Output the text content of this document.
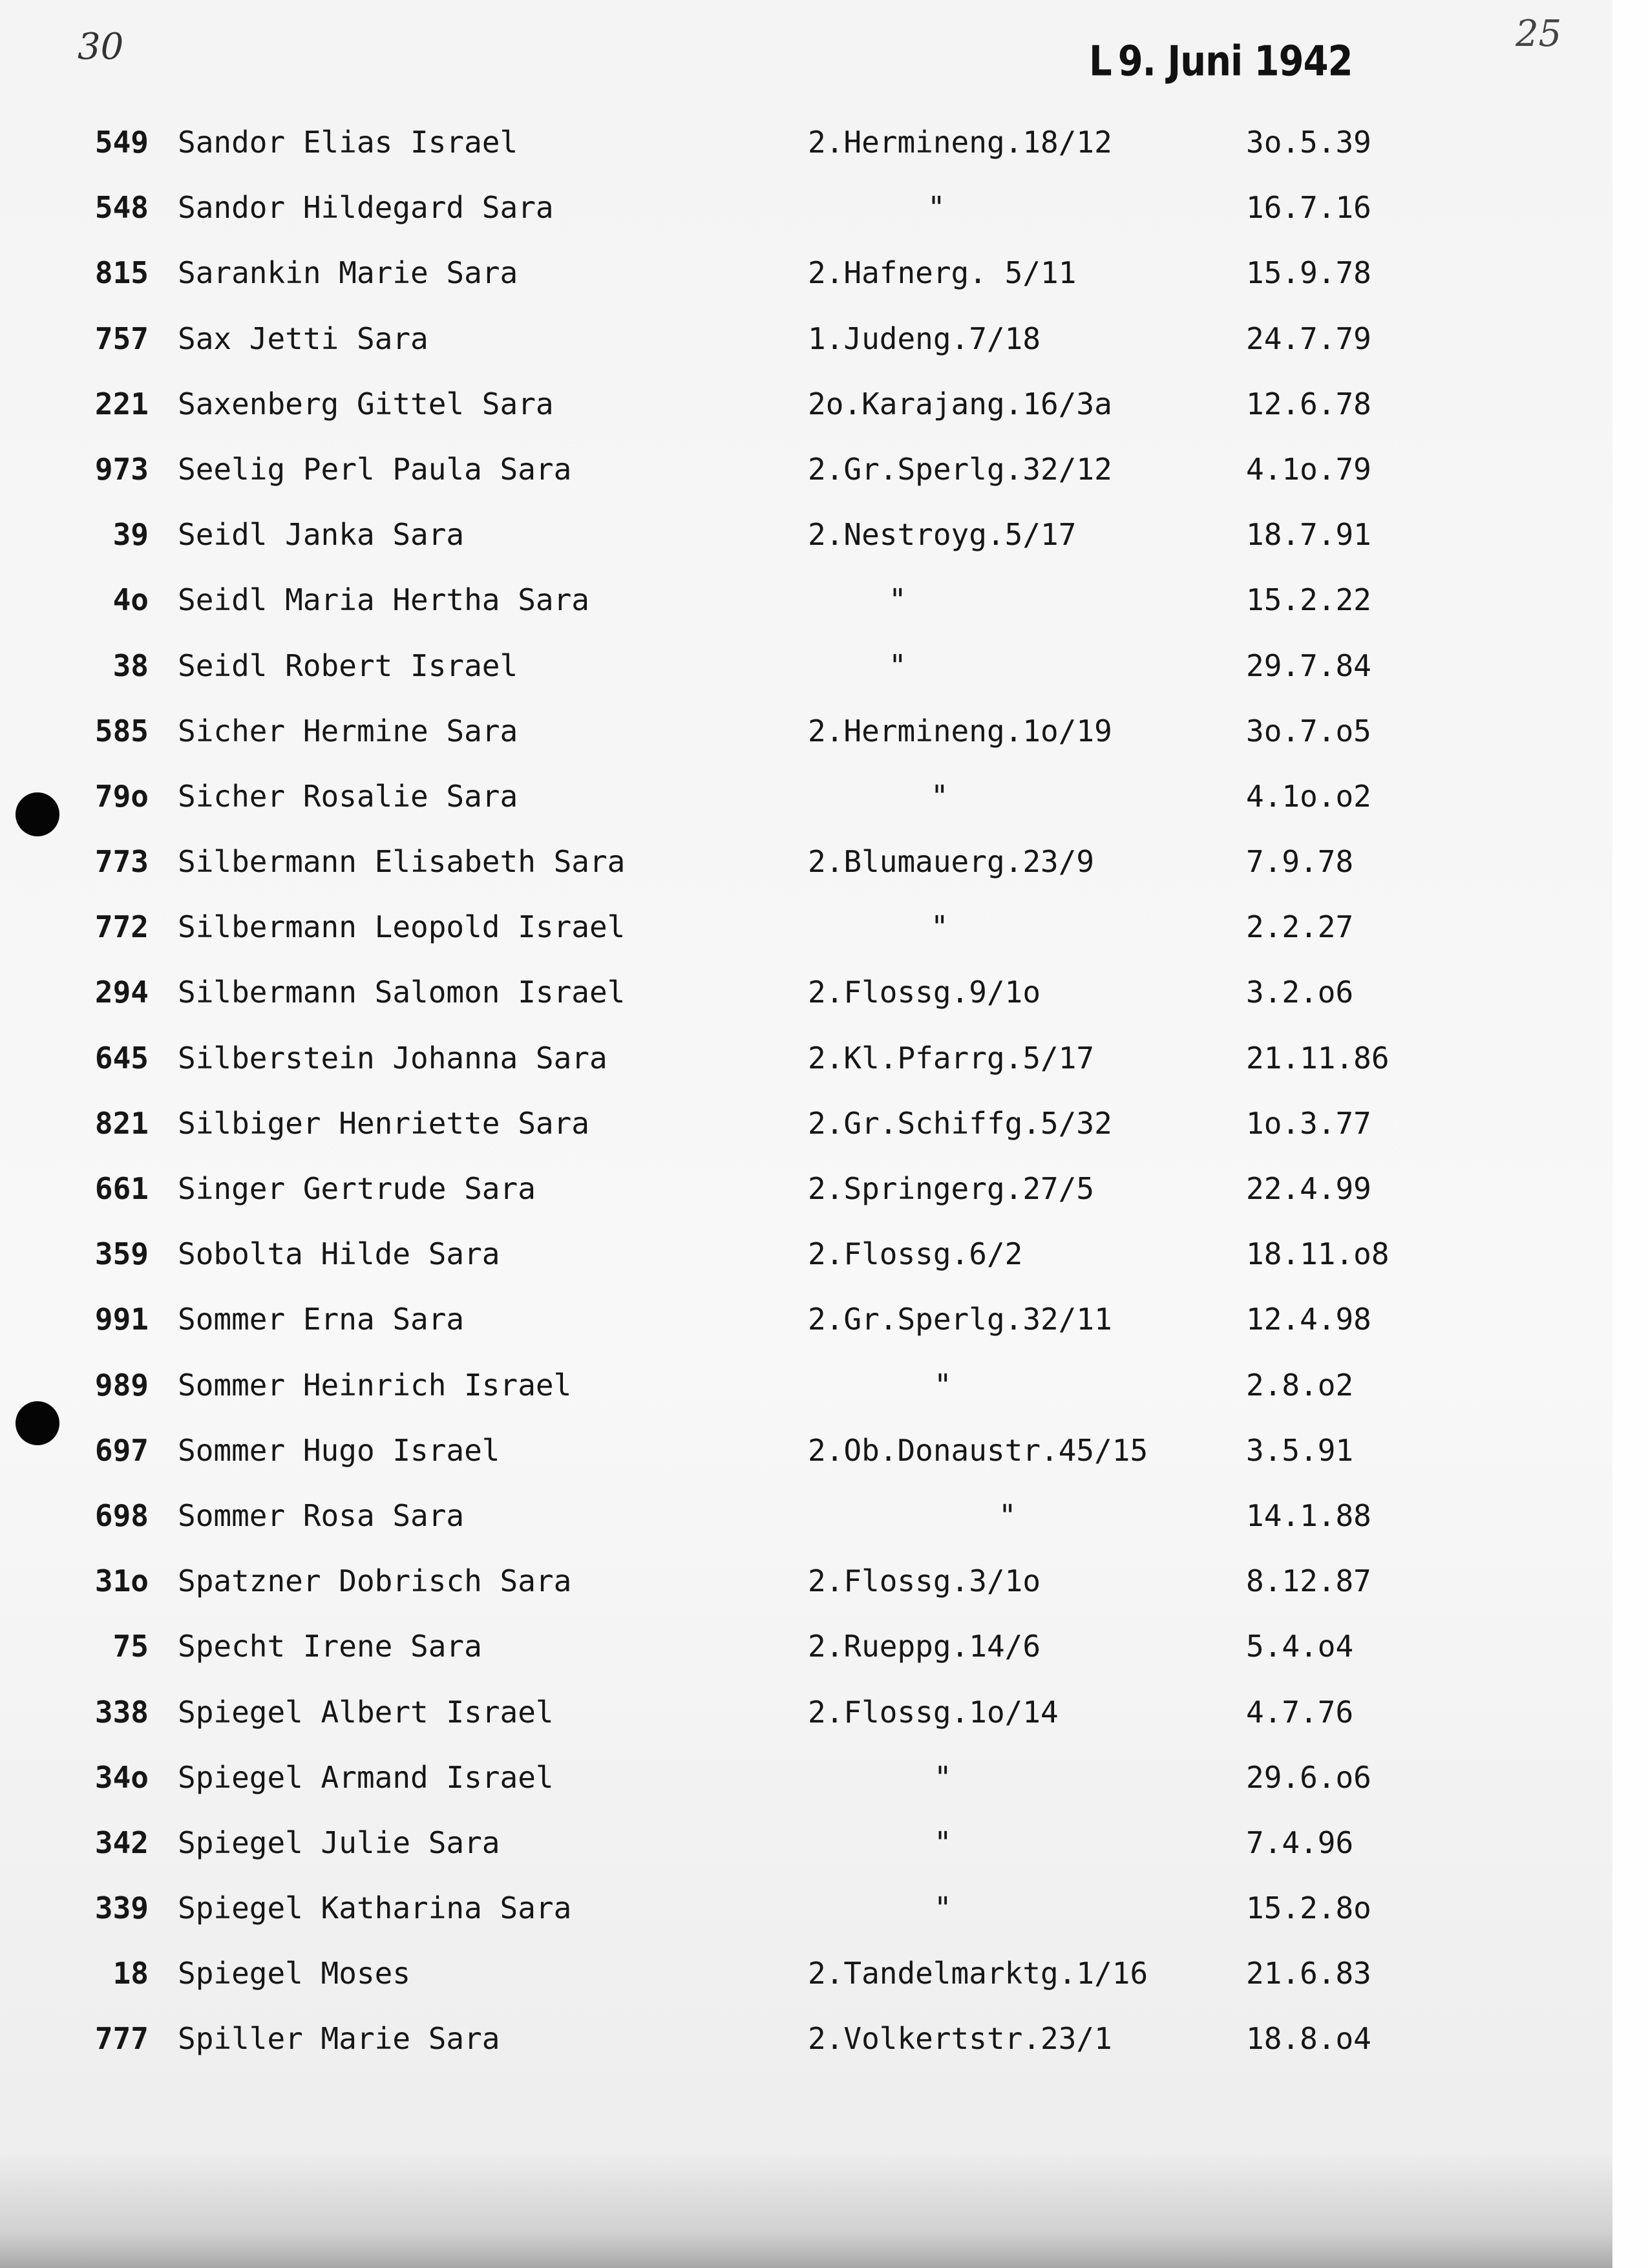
30	25
L 9. Juni 1942
549 Sandor Elias Israel	2.Hermineng.18/12	3o.5.39
548 Sandor Hildegard Sara	"	16.7.16
815 Sarankin Marie Sara	2.Hafnerg. 5/11	15.9.78
757 Sax Jetti Sara	1.Judeng.7/18	24.7.79
221 Saxenberg Gittel Sara	2o.Karajang.16/3a	12.6.78
973 Seelig Perl Paula Sara	2.Gr.Sperlg.32/12	4.1o.79
39 Seidl Janka Sara	2.Nestroyg.5/17	18.7.91
4o Seidl Maria Hertha Sara	"	15.2.22
38 Seidl Robert Israel	"	29.7.84
585 Sicher Hermine Sara	2.Hermineng.1o/19	3o.7.o5
79o Sicher Rosalie Sara	"	4.1o.o2
773 Silbermann Elisabeth Sara	2.Blumauerg.23/9	7.9.78
772 Silbermann Leopold Israel	"	2.2.27
294 Silbermann Salomon Israel	2.Flossg.9/1o	3.2.o6
645 Silberstein Johanna Sara	2.Kl.Pfarrg.5/17	21.11.86
821 Silbiger Henriette Sara	2.Gr.Schiffg.5/32	1o.3.77
661 Singer Gertrude Sara	2.Springerg.27/5	22.4.99
359 Sobolta Hilde Sara	2.Flossg.6/2	18.11.o8
991 Sommer Erna Sara	2.Gr.Sperlg.32/11	12.4.98
989 Sommer Heinrich Israel	"	2.8.o2
697 Sommer Hugo Israel	2.Ob.Donaustr.45/15	3.5.91
698 Sommer Rosa Sara	"	14.1.88
31o Spatzner Dobrisch Sara	2.Flossg.3/1o	8.12.87
75 Specht Irene Sara	2.Rueppg.14/6	5.4.o4
338 Spiegel Albert Israel	2.Flossg.1o/14	4.7.76
34o Spiegel Armand Israel	"	29.6.o6
342 Spiegel Julie Sara	"	7.4.96
339 Spiegel Katharina Sara	"	15.2.8o
18 Spiegel Moses	2.Tandelmarktg.1/16	21.6.83
777 Spiller Marie Sara	2.Volkertstr.23/1	18.8.o4
